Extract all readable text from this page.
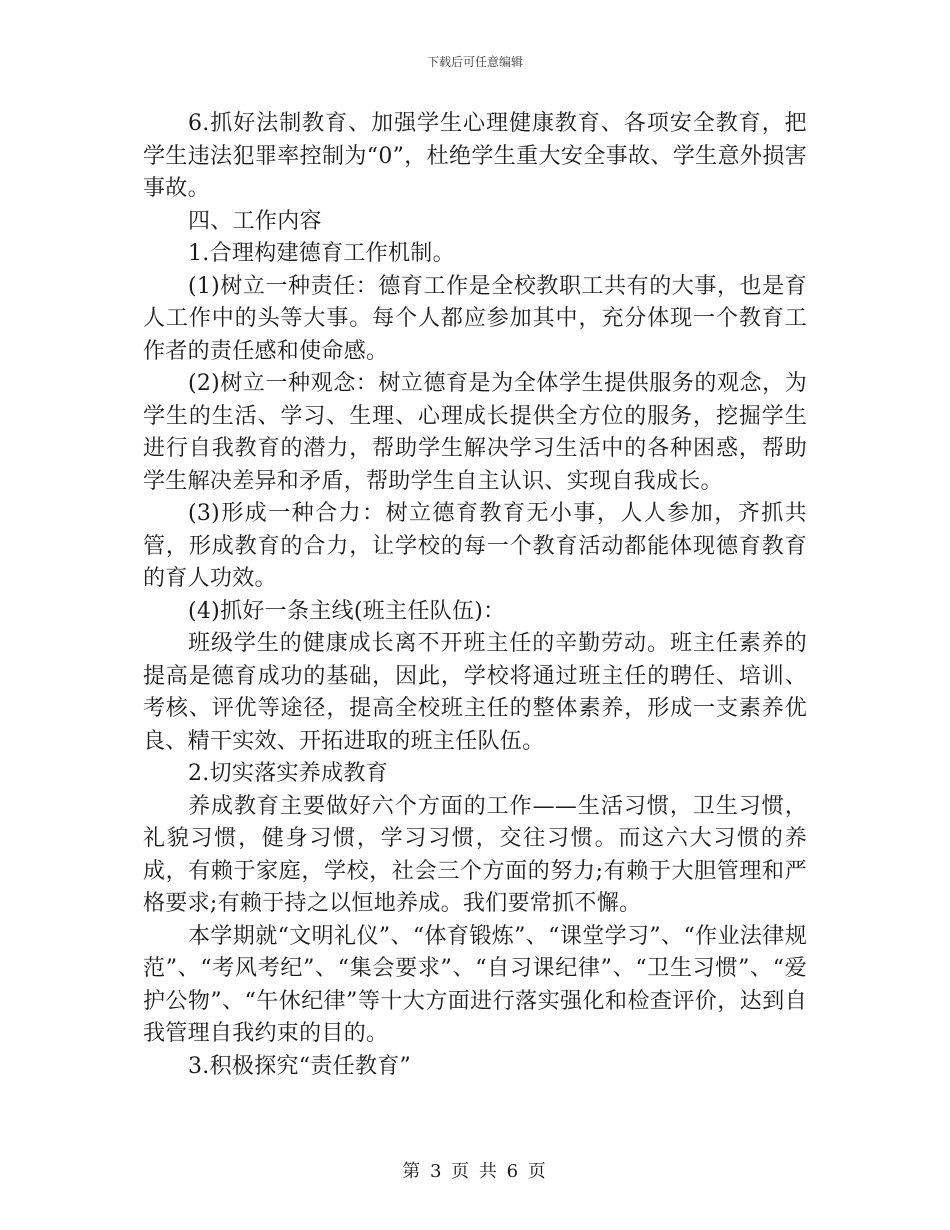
下载后可任意编辑

6.抓好法制教育、加强学生心理健康教育、各项安全教育，把学生违法犯罪率控制为“0”，杜绝学生重大安全事故、学生意外损害事故。

四、工作内容

1.合理构建德育工作机制。

(1)树立一种责任：德育工作是全校教职工共有的大事，也是育人工作中的头等大事。每个人都应参加其中，充分体现一个教育工作者的责任感和使命感。

(2)树立一种观念：树立德育是为全体学生提供服务的观念，为学生的生活、学习、生理、心理成长提供全方位的服务，挖掘学生进行自我教育的潜力，帮助学生解决学习生活中的各种困惑，帮助学生解决差异和矛盾，帮助学生自主认识、实现自我成长。

(3)形成一种合力：树立德育教育无小事，人人参加，齐抓共管，形成教育的合力，让学校的每一个教育活动都能体现德育教育的育人功效。

(4)抓好一条主线(班主任队伍)：

班级学生的健康成长离不开班主任的辛勤劳动。班主任素养的提高是德育成功的基础，因此，学校将通过班主任的聘任、培训、考核、评优等途径，提高全校班主任的整体素养，形成一支素养优良、精干实效、开拓进取的班主任队伍。

2.切实落实养成教育

养成教育主要做好六个方面的工作——生活习惯，卫生习惯，礼貌习惯，健身习惯，学习习惯，交往习惯。而这六大习惯的养成，有赖于家庭，学校，社会三个方面的努力;有赖于大胆管理和严格要求;有赖于持之以恒地养成。我们要常抓不懈。

本学期就“文明礼仪”、“体育锻炼”、“课堂学习”、“作业法律规范”、“考风考纪”、“集会要求”、“自习课纪律”、“卫生习惯”、“爱护公物”、“午休纪律”等十大方面进行落实强化和检查评价，达到自我管理自我约束的目的。

3.积极探究“责任教育”

第 3 页 共 6 页
